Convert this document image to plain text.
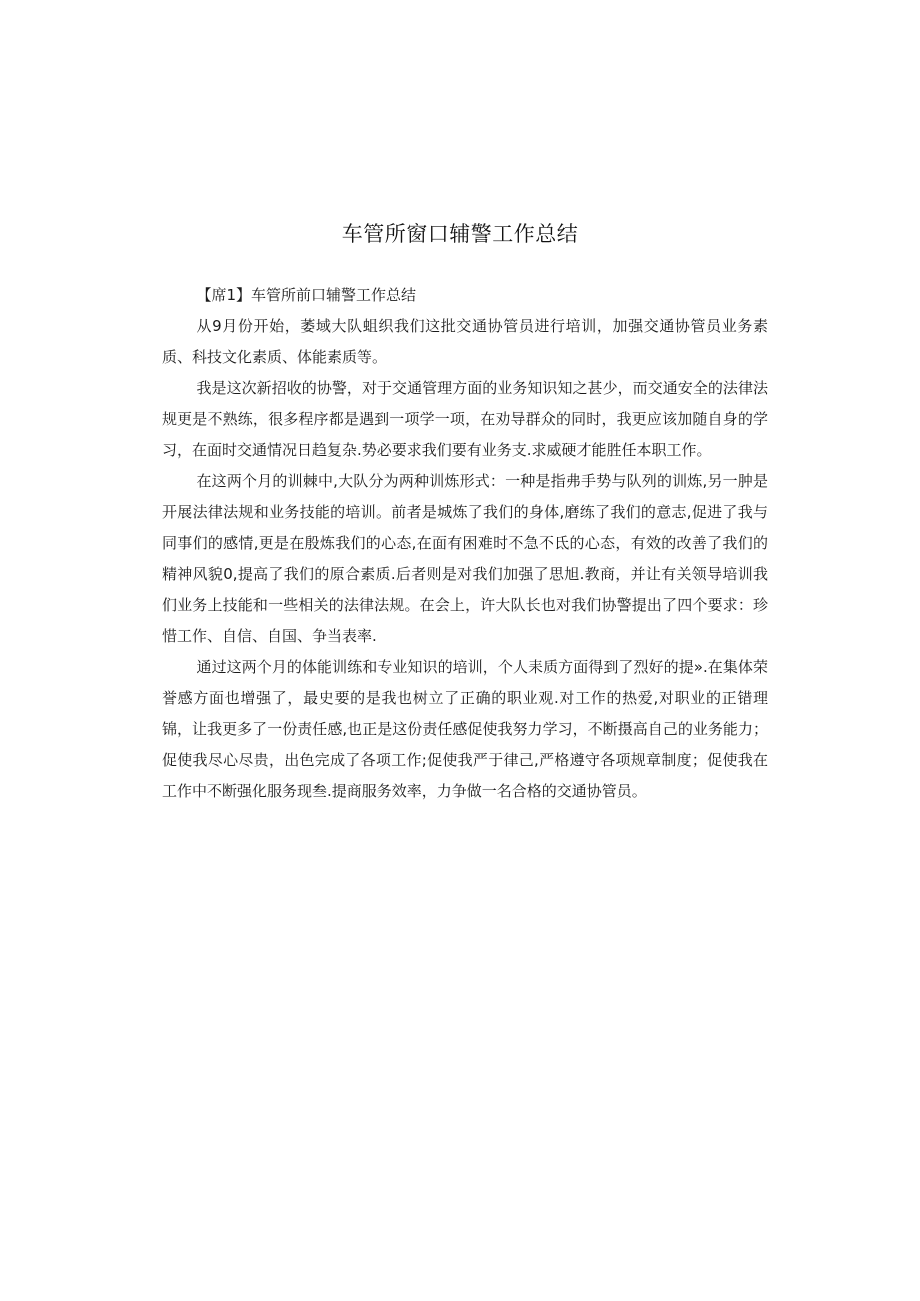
车管所窗口辅警工作总结

【席1】车管所前口辅警工作总结

从9月份开始，萎域大队蛆织我们这批交通协管员进行培训，加强交通协管员业务素质、科技文化素质、体能素质等。

我是这次新招收的协警，对于交通管理方面的业务知识知之甚少，而交通安全的法律法规更是不熟练，很多程序都是遇到一项学一项，在劝导群众的同时，我更应该加随自身的学习，在面时交通情况日趋复杂.势必要求我们要有业务支.求威硬才能胜任本职工作。

在这两个月的训棘中,大队分为两种训炼形式：一种是指弗手势与队列的训炼,另一肿是开展法律法规和业务技能的培训。前者是城炼了我们的身体,磨练了我们的意志,促进了我与同事们的感情,更是在殷炼我们的心态,在面有困难时不急不氐的心态，有效的改善了我们的精神风貌0,提高了我们的原合素质.后者则是对我们加强了思旭.教商，并让有关领导培训我们业务上技能和一些相关的法律法规。在会上，许大队长也对我们协警提出了四个要求：珍惜工作、自信、自国、争当表率.

通过这两个月的体能训练和专业知识的培训，个人耒质方面得到了烈好的提».在集体荣誉感方面也增强了，最史要的是我也树立了正确的职业观.对工作的热爱,对职业的正错理锦，让我更多了一份责任感,也正是这份责任感促使我努力学习，不断摄高自己的业务能力；促使我尽心尽贵，出色完成了各项工作;促使我严于律己,严格遵守各项规章制度；促使我在工作中不断强化服务现叁.提商服务效率，力争做一名合格的交通协管员。
